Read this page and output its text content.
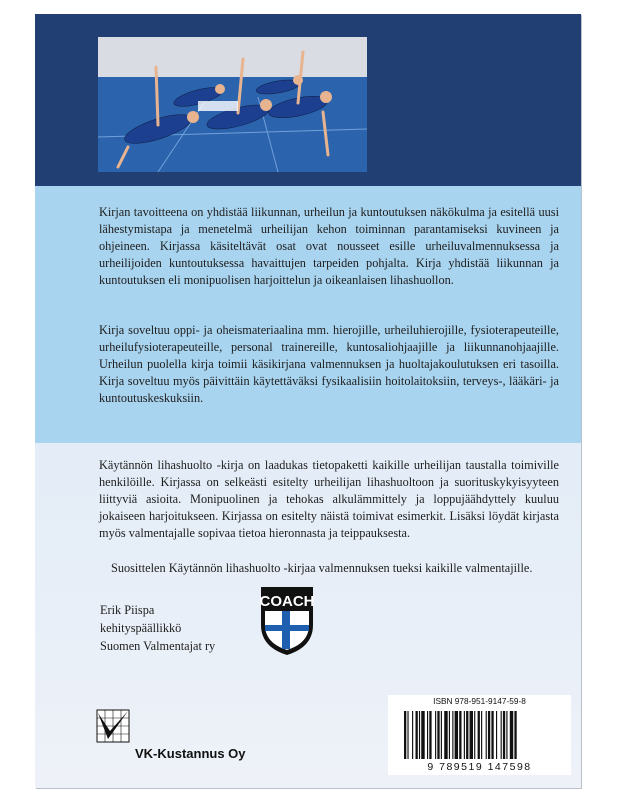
Kirjan tavoitteena on yhdistää liikunnan, urheilun ja kuntoutuksen näkökulma ja esitellä uusi lähestymistapa ja menetelmä urheilijan kehon toiminnan parantamiseksi kuvineen ja ohjeineen. Kirjassa käsiteltävät osat ovat nousseet esille urheiluvalmennuksessa ja urheilijoiden kuntoutuksessa havaittujen tarpeiden pohjalta. Kirja yhdistää liikunnan ja kuntoutuksen eli monipuolisen harjoittelun ja oikeanlaisen lihashuollon.

Kirja soveltuu oppi- ja oheismateriaalina mm. hierojille, urheiluhierojille, fysioterapeuteille, urheilufysioterapeuteille, personal trainereille, kuntosaliohjaajille ja liikunnanohjaajille. Urheilun puolella kirja toimii käsikirjana valmennuksen ja huoltajakoulutuksen eri tasoilla. Kirja soveltuu myös päivittäin käytettäväksi fysikaalisiin hoitolaitoksiin, terveys-, lääkäri- ja kuntoutuskeskuksiin.

Käytännön lihashuolto -kirja on laadukas tietopaketti kaikille urheilijan taustalla toimiville henkilöille. Kirjassa on selkeästi esitelty urheilijan lihashuoltoon ja suorituskykyisyyteen liittyviä asioita. Monipuolinen ja tehokas alkulämmittely ja loppujäähdyttely kuuluu jokaiseen harjoitukseen. Kirjassa on esitelty näistä toimivat esimerkit. Lisäksi löydät kirjasta myös valmentajalle sopivaa tietoa hieronnasta ja teippauksesta.

Suosittelen Käytännön lihashuolto -kirjaa valmennuksen tueksi kaikille valmentajille.

Erik Piispa
kehityspäällikkö
Suomen Valmentajat ry
COACH
VK-Kustannus Oy
ISBN 978-951-9147-59-8
9 789519 147598
